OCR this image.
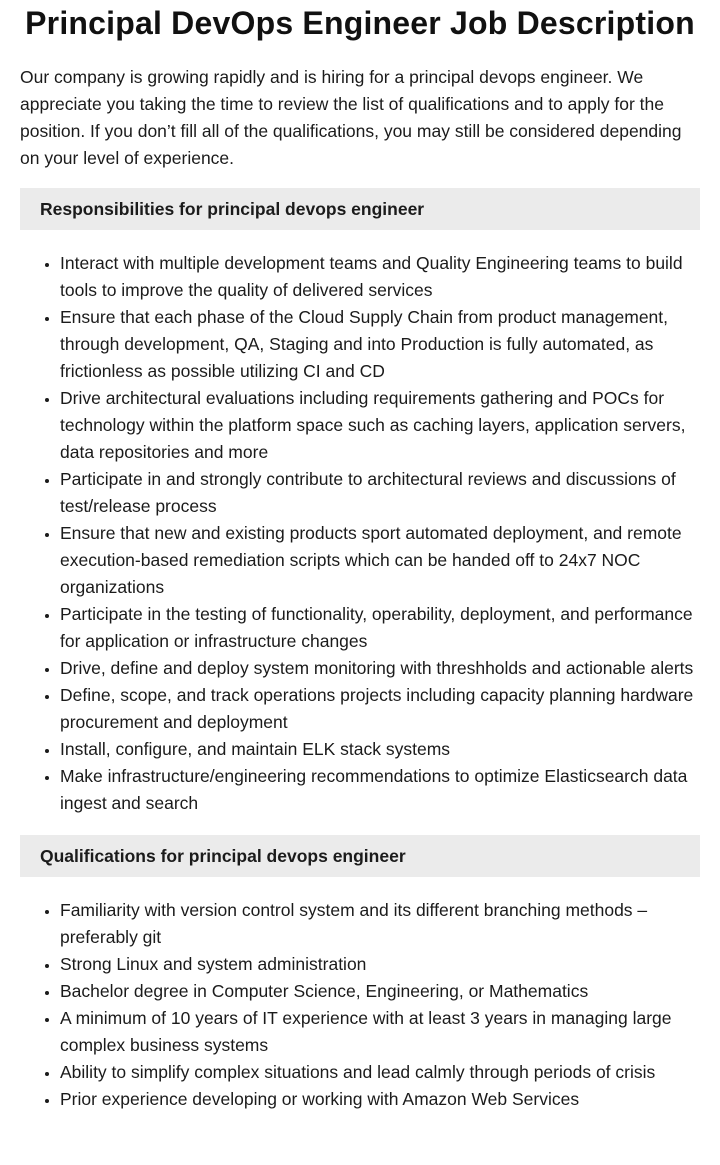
Principal DevOps Engineer Job Description

Our company is growing rapidly and is hiring for a principal devops engineer. We appreciate you taking the time to review the list of qualifications and to apply for the position. If you don’t fill all of the qualifications, you may still be considered depending on your level of experience.

Responsibilities for principal devops engineer
• Interact with multiple development teams and Quality Engineering teams to build tools to improve the quality of delivered services
• Ensure that each phase of the Cloud Supply Chain from product management, through development, QA, Staging and into Production is fully automated, as frictionless as possible utilizing CI and CD
• Drive architectural evaluations including requirements gathering and POCs for technology within the platform space such as caching layers, application servers, data repositories and more
• Participate in and strongly contribute to architectural reviews and discussions of test/release process
• Ensure that new and existing products sport automated deployment, and remote execution-based remediation scripts which can be handed off to 24x7 NOC organizations
• Participate in the testing of functionality, operability, deployment, and performance for application or infrastructure changes
• Drive, define and deploy system monitoring with threshholds and actionable alerts
• Define, scope, and track operations projects including capacity planning hardware procurement and deployment
• Install, configure, and maintain ELK stack systems
• Make infrastructure/engineering recommendations to optimize Elasticsearch data ingest and search
Qualifications for principal devops engineer
• Familiarity with version control system and its different branching methods – preferably git
• Strong Linux and system administration
• Bachelor degree in Computer Science, Engineering, or Mathematics
• A minimum of 10 years of IT experience with at least 3 years in managing large complex business systems
• Ability to simplify complex situations and lead calmly through periods of crisis
• Prior experience developing or working with Amazon Web Services
